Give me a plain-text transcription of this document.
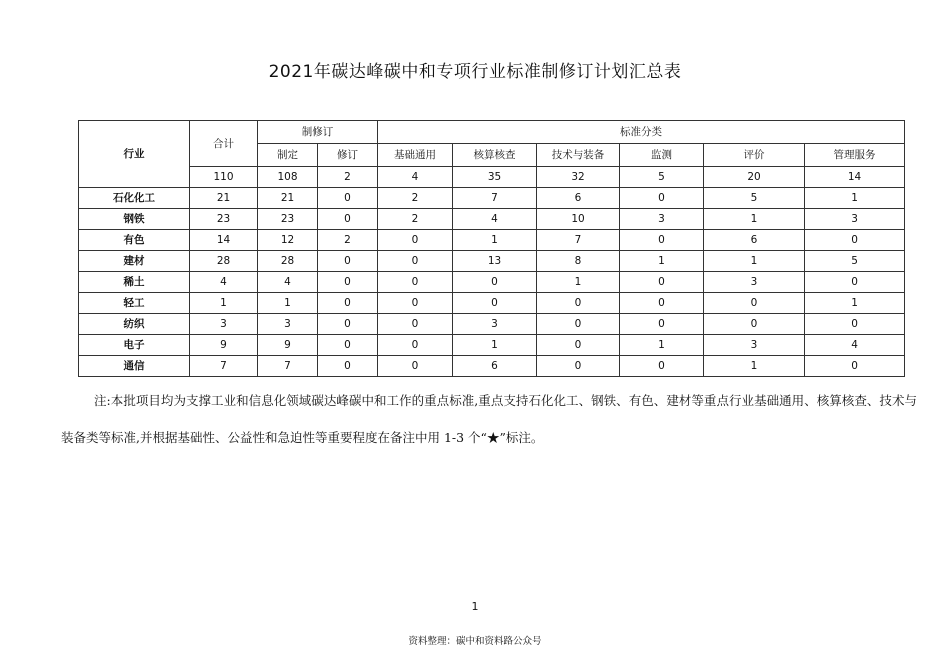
2021年碳达峰碳中和专项行业标准制修订计划汇总表
行业	合计	制修订		标准分类					
		制定	修订	基础通用	核算核查	技术与装备	监测	评价	管理服务
	110	108	2	4	35	32	5	20	14
石化化工	21	21	0	2	7	6	0	5	1
钢铁	23	23	0	2	4	10	3	1	3
有色	14	12	2	0	1	7	0	6	0
建材	28	28	0	0	13	8	1	1	5
稀土	4	4	0	0	0	1	0	3	0
轻工	1	1	0	0	0	0	0	0	1
纺织	3	3	0	0	3	0	0	0	0
电子	9	9	0	0	1	0	1	3	4
通信	7	7	0	0	6	0	0	1	0
注:本批项目均为支撑工业和信息化领域碳达峰碳中和工作的重点标准,重点支持石化化工、钢铁、有色、建材等重点行业基础通用、核算核查、技术与装备类等标准,并根据基础性、公益性和急迫性等重要程度在备注中用 1-3 个“★”标注。
1
资料整理：碳中和资料路公众号
